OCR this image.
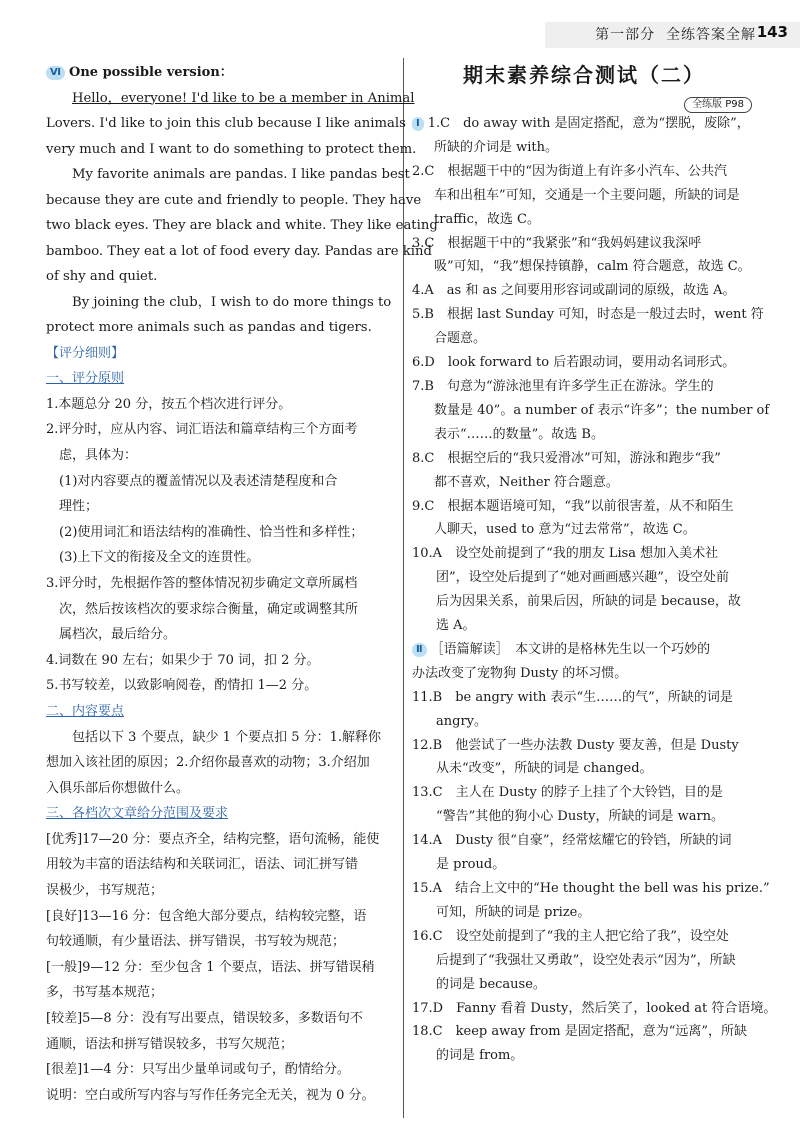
第一部分 全练答案全解 143
Ⅵ One possible version：
Hello，everyone! I'd like to be a member in Animal
Lovers. I'd like to join this club because I like animals
very much and I want to do something to protect them.
My favorite animals are pandas. I like pandas best
because they are cute and friendly to people. They have
two black eyes. They are black and white. They like eating
bamboo. They eat a lot of food every day. Pandas are kind
of shy and quiet.
By joining the club，I wish to do more things to
protect more animals such as pandas and tigers.
【评分细则】
一、评分原则
1.本题总分 20 分，按五个档次进行评分。
2.评分时，应从内容、词汇语法和篇章结构三个方面考
虑，具体为：
(1)对内容要点的覆盖情况以及表述清楚程度和合
理性；
(2)使用词汇和语法结构的准确性、恰当性和多样性；
(3)上下文的衔接及全文的连贯性。
3.评分时，先根据作答的整体情况初步确定文章所属档
次，然后按该档次的要求综合衡量，确定或调整其所
属档次，最后给分。
4.词数在 90 左右；如果少于 70 词，扣 2 分。
5.书写较差，以致影响阅卷，酌情扣 1—2 分。
二、内容要点
包括以下 3 个要点，缺少 1 个要点扣 5 分：1.解释你
想加入该社团的原因；2.介绍你最喜欢的动物；3.介绍加
入俱乐部后你想做什么。
三、各档次文章给分范围及要求
[优秀]17—20 分：要点齐全，结构完整，语句流畅，能使
用较为丰富的语法结构和关联词汇，语法、词汇拼写错
误极少，书写规范；
[良好]13—16 分：包含绝大部分要点，结构较完整，语
句较通顺，有少量语法、拼写错误，书写较为规范；
[一般]9—12 分：至少包含 1 个要点，语法、拼写错误稍
多，书写基本规范；
[较差]5—8 分：没有写出要点，错误较多，多数语句不
通顺，语法和拼写错误较多，书写欠规范；
[很差]1—4 分：只写出少量单词或句子，酌情给分。
说明：空白或所写内容与写作任务完全无关，视为 0 分。
期末素养综合测试（二）
全练版 P98
Ⅰ 1.C　do away with 是固定搭配，意为“摆脱，废除”，
所缺的介词是 with。
2.C　根据题干中的“因为街道上有许多小汽车、公共汽
车和出租车”可知，交通是一个主要问题，所缺的词是
traffic，故选 C。
3.C　根据题干中的“我紧张”和“我妈妈建议我深呼
吸”可知，“我”想保持镇静，calm 符合题意，故选 C。
4.A　as 和 as 之间要用形容词或副词的原级，故选 A。
5.B　根据 last Sunday 可知，时态是一般过去时，went 符
合题意。
6.D　look forward to 后若跟动词，要用动名词形式。
7.B　句意为“游泳池里有许多学生正在游泳。学生的
数量是 40”。a number of 表示“许多”；the number of
表示“……的数量”。故选 B。
8.C　根据空后的“我只爱滑冰”可知，游泳和跑步“我”
都不喜欢，Neither 符合题意。
9.C　根据本题语境可知，“我”以前很害羞，从不和陌生
人聊天，used to 意为“过去常常”，故选 C。
10.A　设空处前提到了“我的朋友 Lisa 想加入美术社
团”，设空处后提到了“她对画画感兴趣”，设空处前
后为因果关系，前果后因，所缺的词是 because，故
选 A。
Ⅱ ［语篇解读］　本文讲的是格林先生以一个巧妙的
办法改变了宠物狗 Dusty 的坏习惯。
11.B　be angry with 表示“生……的气”，所缺的词是
angry。
12.B　他尝试了一些办法教 Dusty 要友善，但是 Dusty
从未“改变”，所缺的词是 changed。
13.C　主人在 Dusty 的脖子上挂了个大铃铛，目的是
“警告”其他的狗小心 Dusty，所缺的词是 warn。
14.A　Dusty 很“自豪”，经常炫耀它的铃铛，所缺的词
是 proud。
15.A　结合上文中的“He thought the bell was his prize.”
可知，所缺的词是 prize。
16.C　设空处前提到了“我的主人把它给了我”，设空处
后提到了“我强壮又勇敢”，设空处表示“因为”，所缺
的词是 because。
17.D　Fanny 看着 Dusty，然后笑了，looked at 符合语境。
18.C　keep away from 是固定搭配，意为“远离”，所缺
的词是 from。
